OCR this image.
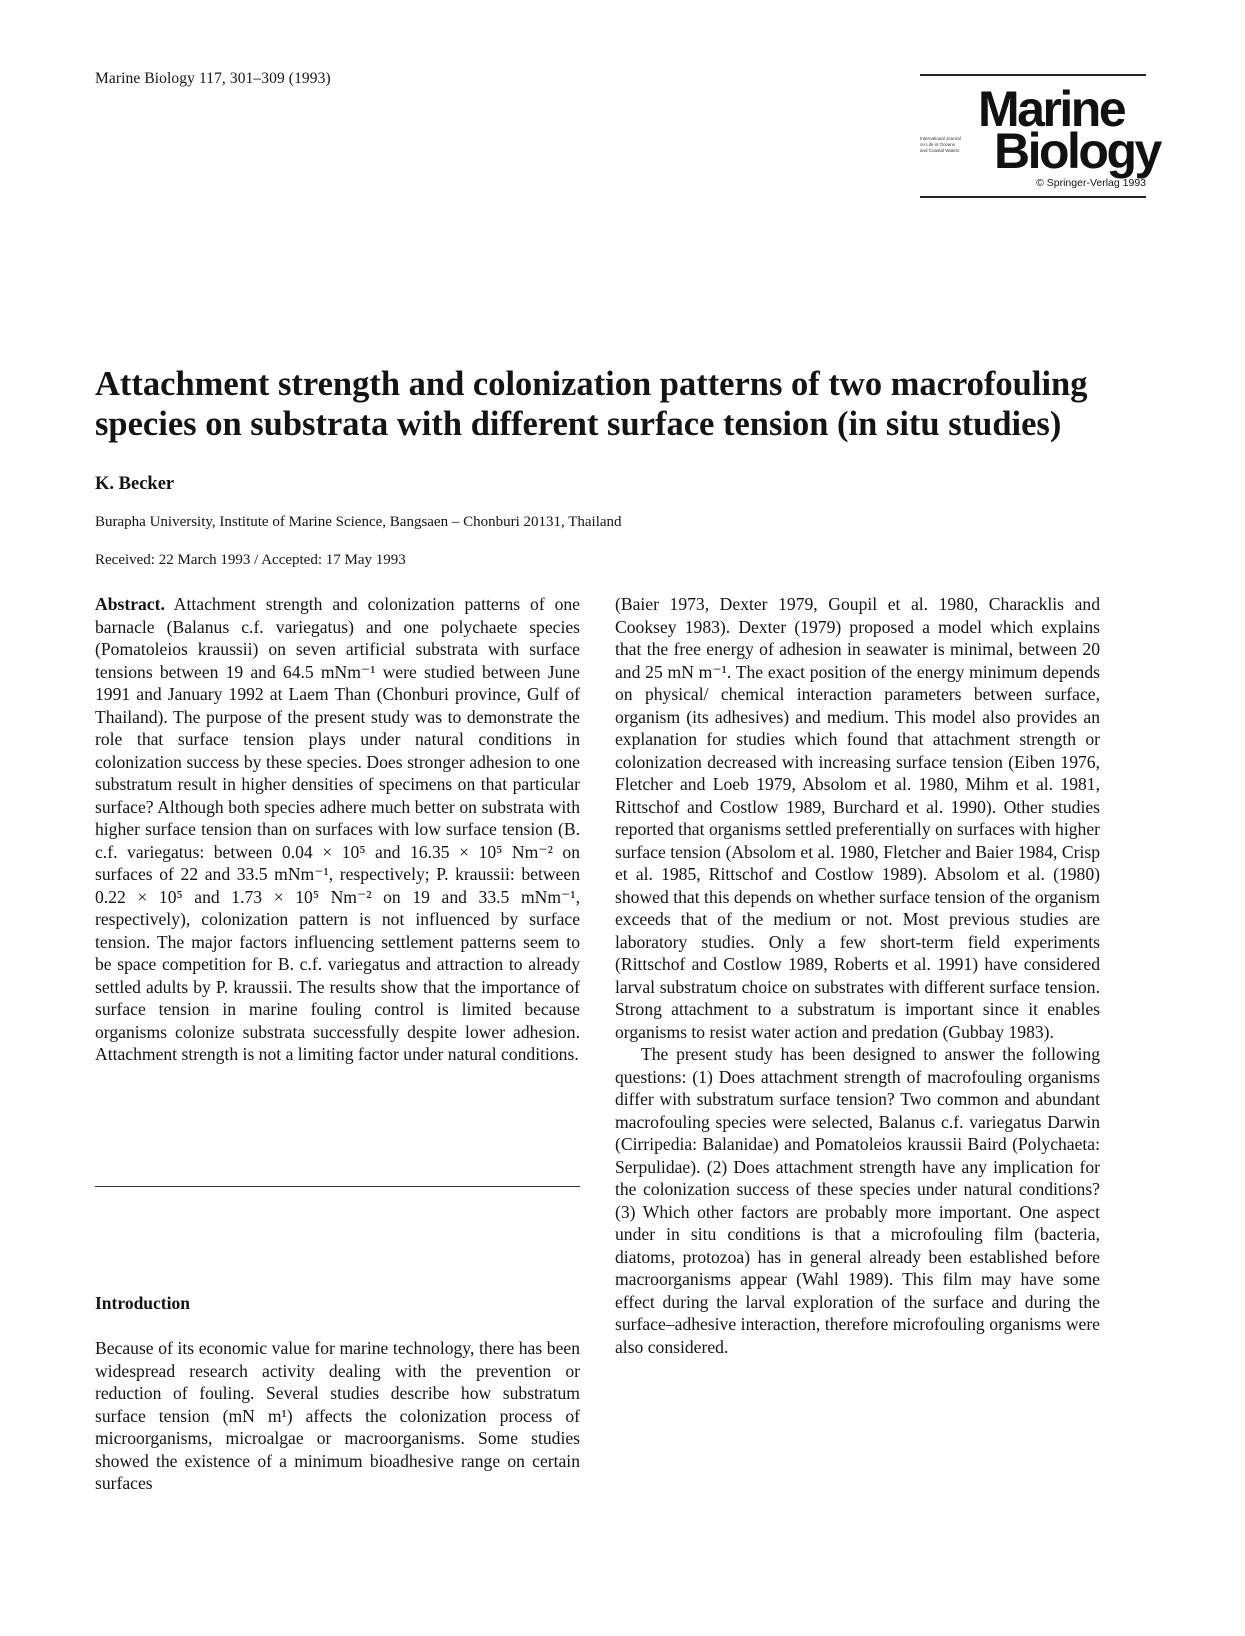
Marine Biology 117, 301–309 (1993)
Marine
International Journal
on Life in Oceans
and Coastal Waters Biology
© Springer-Verlag 1993
Attachment strength and colonization patterns of two macrofouling species on substrata with different surface tension (in situ studies)
K. Becker
Burapha University, Institute of Marine Science, Bangsaen – Chonburi 20131, Thailand
Received: 22 March 1993 / Accepted: 17 May 1993

Abstract. Attachment strength and colonization patterns of one barnacle (Balanus c.f. variegatus) and one polychaete species (Pomatoleios kraussii) on seven artificial substrata with surface tensions between 19 and 64.5 mNm⁻¹ were studied between June 1991 and January 1992 at Laem Than (Chonburi province, Gulf of Thailand). The purpose of the present study was to demonstrate the role that surface tension plays under natural conditions in colonization success by these species. Does stronger adhesion to one substratum result in higher densities of specimens on that particular surface? Although both species adhere much better on substrata with higher surface tension than on surfaces with low surface tension (B. c.f. variegatus: between 0.04 × 10⁵ and 16.35 × 10⁵ Nm⁻² on surfaces of 22 and 33.5 mNm⁻¹, respectively; P. kraussii: between 0.22 × 10⁵ and 1.73 × 10⁵ Nm⁻² on 19 and 33.5 mNm⁻¹, respectively), colonization pattern is not influenced by surface tension. The major factors influencing settlement patterns seem to be space competition for B. c.f. variegatus and attraction to already settled adults by P. kraussii. The results show that the importance of surface tension in marine fouling control is limited because organisms colonize substrata successfully despite lower adhesion. Attachment strength is not a limiting factor under natural conditions.

Introduction

Because of its economic value for marine technology, there has been widespread research activity dealing with the prevention or reduction of fouling. Several studies describe how substratum surface tension (mN m¹) affects the colonization process of microorganisms, microalgae or macroorganisms. Some studies showed the existence of a minimum bioadhesive range on certain surfaces

(Baier 1973, Dexter 1979, Goupil et al. 1980, Characklis and Cooksey 1983). Dexter (1979) proposed a model which explains that the free energy of adhesion in seawater is minimal, between 20 and 25 mN m⁻¹. The exact position of the energy minimum depends on physical/ chemical interaction parameters between surface, organism (its adhesives) and medium. This model also provides an explanation for studies which found that attachment strength or colonization decreased with increasing surface tension (Eiben 1976, Fletcher and Loeb 1979, Absolom et al. 1980, Mihm et al. 1981, Rittschof and Costlow 1989, Burchard et al. 1990). Other studies reported that organisms settled preferentially on surfaces with higher surface tension (Absolom et al. 1980, Fletcher and Baier 1984, Crisp et al. 1985, Rittschof and Costlow 1989). Absolom et al. (1980) showed that this depends on whether surface tension of the organism exceeds that of the medium or not. Most previous studies are laboratory studies. Only a few short-term field experiments (Rittschof and Costlow 1989, Roberts et al. 1991) have considered larval substratum choice on substrates with different surface tension. Strong attachment to a substratum is important since it enables organisms to resist water action and predation (Gubbay 1983).

The present study has been designed to answer the following questions: (1) Does attachment strength of macrofouling organisms differ with substratum surface tension? Two common and abundant macrofouling species were selected, Balanus c.f. variegatus Darwin (Cirripedia: Balanidae) and Pomatoleios kraussii Baird (Polychaeta: Serpulidae). (2) Does attachment strength have any implication for the colonization success of these species under natural conditions? (3) Which other factors are probably more important. One aspect under in situ conditions is that a microfouling film (bacteria, diatoms, protozoa) has in general already been established before macroorganisms appear (Wahl 1989). This film may have some effect during the larval exploration of the surface and during the surface–adhesive interaction, therefore microfouling organisms were also considered.
